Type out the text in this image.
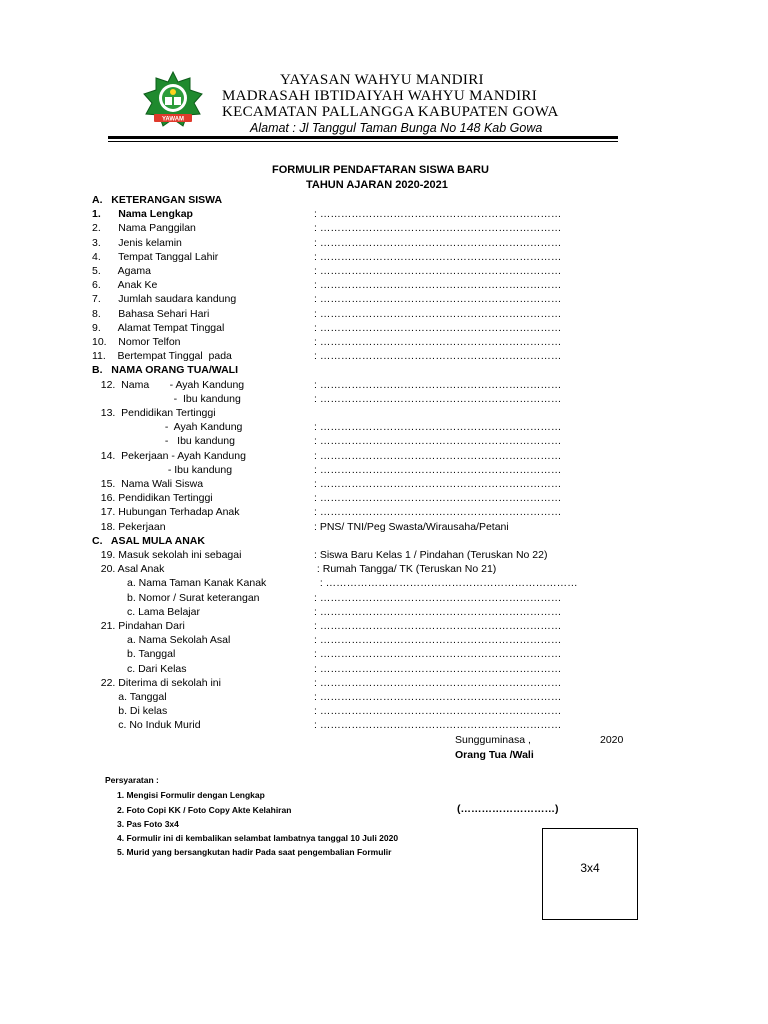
YAWAM
YAYASAN WAHYU MANDIRI
MADRASAH IBTIDAIYAH WAHYU MANDIRI
KECAMATAN PALLANGGA KABUPATEN GOWA
Alamat : Jl Tanggul Taman Bunga No 148 Kab Gowa
FORMULIR PENDAFTARAN SISWA BARU
TAHUN AJARAN 2020-2021
A.   KETERANGAN SISWA
1.      Nama Lengkap	: ……………………………………………………………
2.      Nama Panggilan	: ……………………………………………………………
3.      Jenis kelamin	: ……………………………………………………………
4.      Tempat Tanggal Lahir	: ……………………………………………………………
5.      Agama	: ……………………………………………………………
6.      Anak Ke	: ……………………………………………………………
7.      Jumlah saudara kandung	: ……………………………………………………………
8.      Bahasa Sehari Hari	: ……………………………………………………………
9.      Alamat Tempat Tinggal	: ……………………………………………………………
10.    Nomor Telfon	: ……………………………………………………………
11.    Bertempat Tinggal  pada	: ……………………………………………………………
B.   NAMA ORANG TUA/WALI
12.  Nama       - Ayah Kandung	: ……………………………………………………………
-  Ibu kandung	: ……………………………………………………………
13.  Pendidikan Tertinggi
-  Ayah Kandung	: ……………………………………………………………
-   Ibu kandung	: ……………………………………………………………
14.  Pekerjaan - Ayah Kandung	: ……………………………………………………………
- Ibu kandung	: ……………………………………………………………
15.  Nama Wali Siswa	: ……………………………………………………………
16. Pendidikan Tertinggi	: ……………………………………………………………
17. Hubungan Terhadap Anak	: ……………………………………………………………
18. Pekerjaan	: PNS/ TNI/Peg Swasta/Wirausaha/Petani
C.   ASAL MULA ANAK
19. Masuk sekolah ini sebagai	: Siswa Baru Kelas 1 / Pindahan (Teruskan No 22)
20. Asal Anak	: Rumah Tangga/ TK (Teruskan No 21)
a. Nama Taman Kanak Kanak	: ………………………………………………………………
b. Nomor / Surat keterangan	: ……………………………………………………………
c. Lama Belajar	: ……………………………………………………………
21. Pindahan Dari	: ……………………………………………………………
a. Nama Sekolah Asal	: ……………………………………………………………
b. Tanggal	: ……………………………………………………………
c. Dari Kelas	: ……………………………………………………………
22. Diterima di sekolah ini	: ……………………………………………………………
a. Tanggal	: ……………………………………………………………
b. Di kelas	: ……………………………………………………………
c. No Induk Murid	: ……………………………………………………………
Sungguminasa ,	2020
Orang Tua /Wali
(………………………)
Persyaratan :
1. Mengisi Formulir dengan Lengkap
2. Foto Copi KK / Foto Copy Akte Kelahiran
3. Pas Foto 3x4
4. Formulir ini di kembalikan selambat lambatnya tanggal 10 Juli 2020
5. Murid yang bersangkutan hadir Pada saat pengembalian Formulir
3x4
